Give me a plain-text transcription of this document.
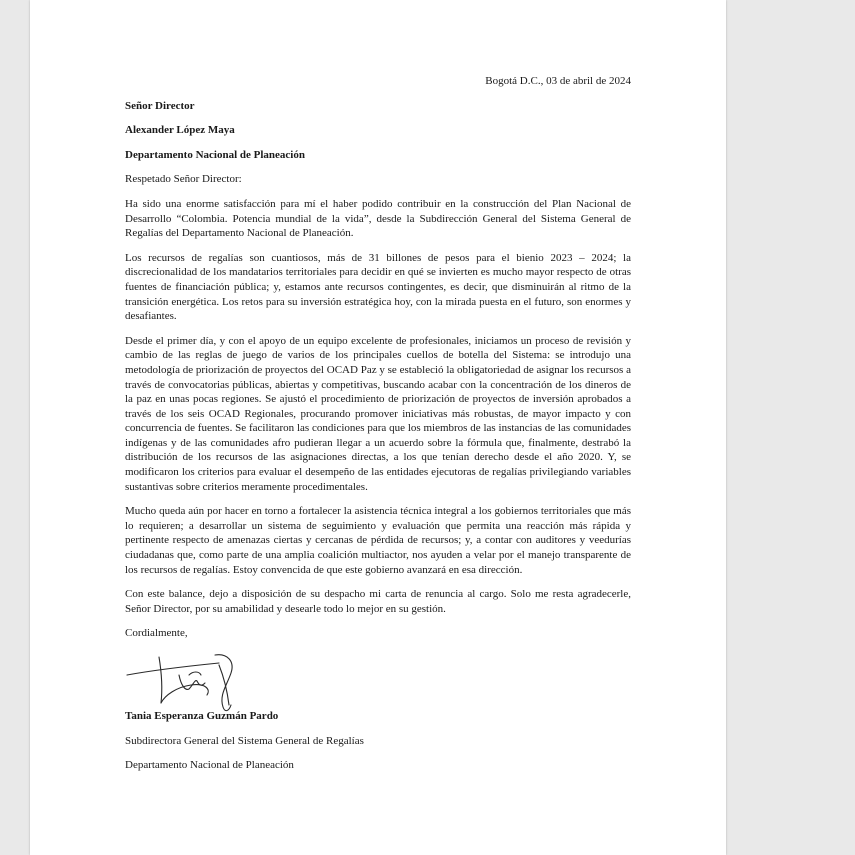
Bogotá D.C., 03 de abril de 2024
Señor Director
Alexander López Maya
Departamento Nacional de Planeación
Respetado Señor Director:

Ha sido una enorme satisfacción para mí el haber podido contribuir en la construcción del Plan Nacional de Desarrollo “Colombia. Potencia mundial de la vida”, desde la Subdirección General del Sistema General de Regalías del Departamento Nacional de Planeación.

Los recursos de regalías son cuantiosos, más de 31 billones de pesos para el bienio 2023 – 2024; la discrecionalidad de los mandatarios territoriales para decidir en qué se invierten es mucho mayor respecto de otras fuentes de financiación pública; y, estamos ante recursos contingentes, es decir, que disminuirán al ritmo de la transición energética. Los retos para su inversión estratégica hoy, con la mirada puesta en el futuro, son enormes y desafiantes.

Desde el primer día, y con el apoyo de un equipo excelente de profesionales, iniciamos un proceso de revisión y cambio de las reglas de juego de varios de los principales cuellos de botella del Sistema: se introdujo una metodología de priorización de proyectos del OCAD Paz y se estableció la obligatoriedad de asignar los recursos a través de convocatorias públicas, abiertas y competitivas, buscando acabar con la concentración de los dineros de la paz en unas pocas regiones. Se ajustó el procedimiento de priorización de proyectos de inversión aprobados a través de los seis OCAD Regionales, procurando promover iniciativas más robustas, de mayor impacto y con concurrencia de fuentes. Se facilitaron las condiciones para que los miembros de las instancias de las comunidades indígenas y de las comunidades afro pudieran llegar a un acuerdo sobre la fórmula que, finalmente, destrabó la distribución de los recursos de las asignaciones directas, a los que tenían derecho desde el año 2020. Y, se modificaron los criterios para evaluar el desempeño de las entidades ejecutoras de regalías privilegiando variables sustantivas sobre criterios meramente procedimentales.

Mucho queda aún por hacer en torno a fortalecer la asistencia técnica integral a los gobiernos territoriales que más lo requieren; a desarrollar un sistema de seguimiento y evaluación que permita una reacción más rápida y pertinente respecto de amenazas ciertas y cercanas de pérdida de recursos; y, a contar con auditores y veedurías ciudadanas que, como parte de una amplia coalición multiactor, nos ayuden a velar por el manejo transparente de los recursos de regalías. Estoy convencida de que este gobierno avanzará en esa dirección.

Con este balance, dejo a disposición de su despacho mi carta de renuncia al cargo. Solo me resta agradecerle, Señor Director, por su amabilidad y desearle todo lo mejor en su gestión.

Cordialmente,
Tania Esperanza Guzmán Pardo
Subdirectora General del Sistema General de Regalías
Departamento Nacional de Planeación
